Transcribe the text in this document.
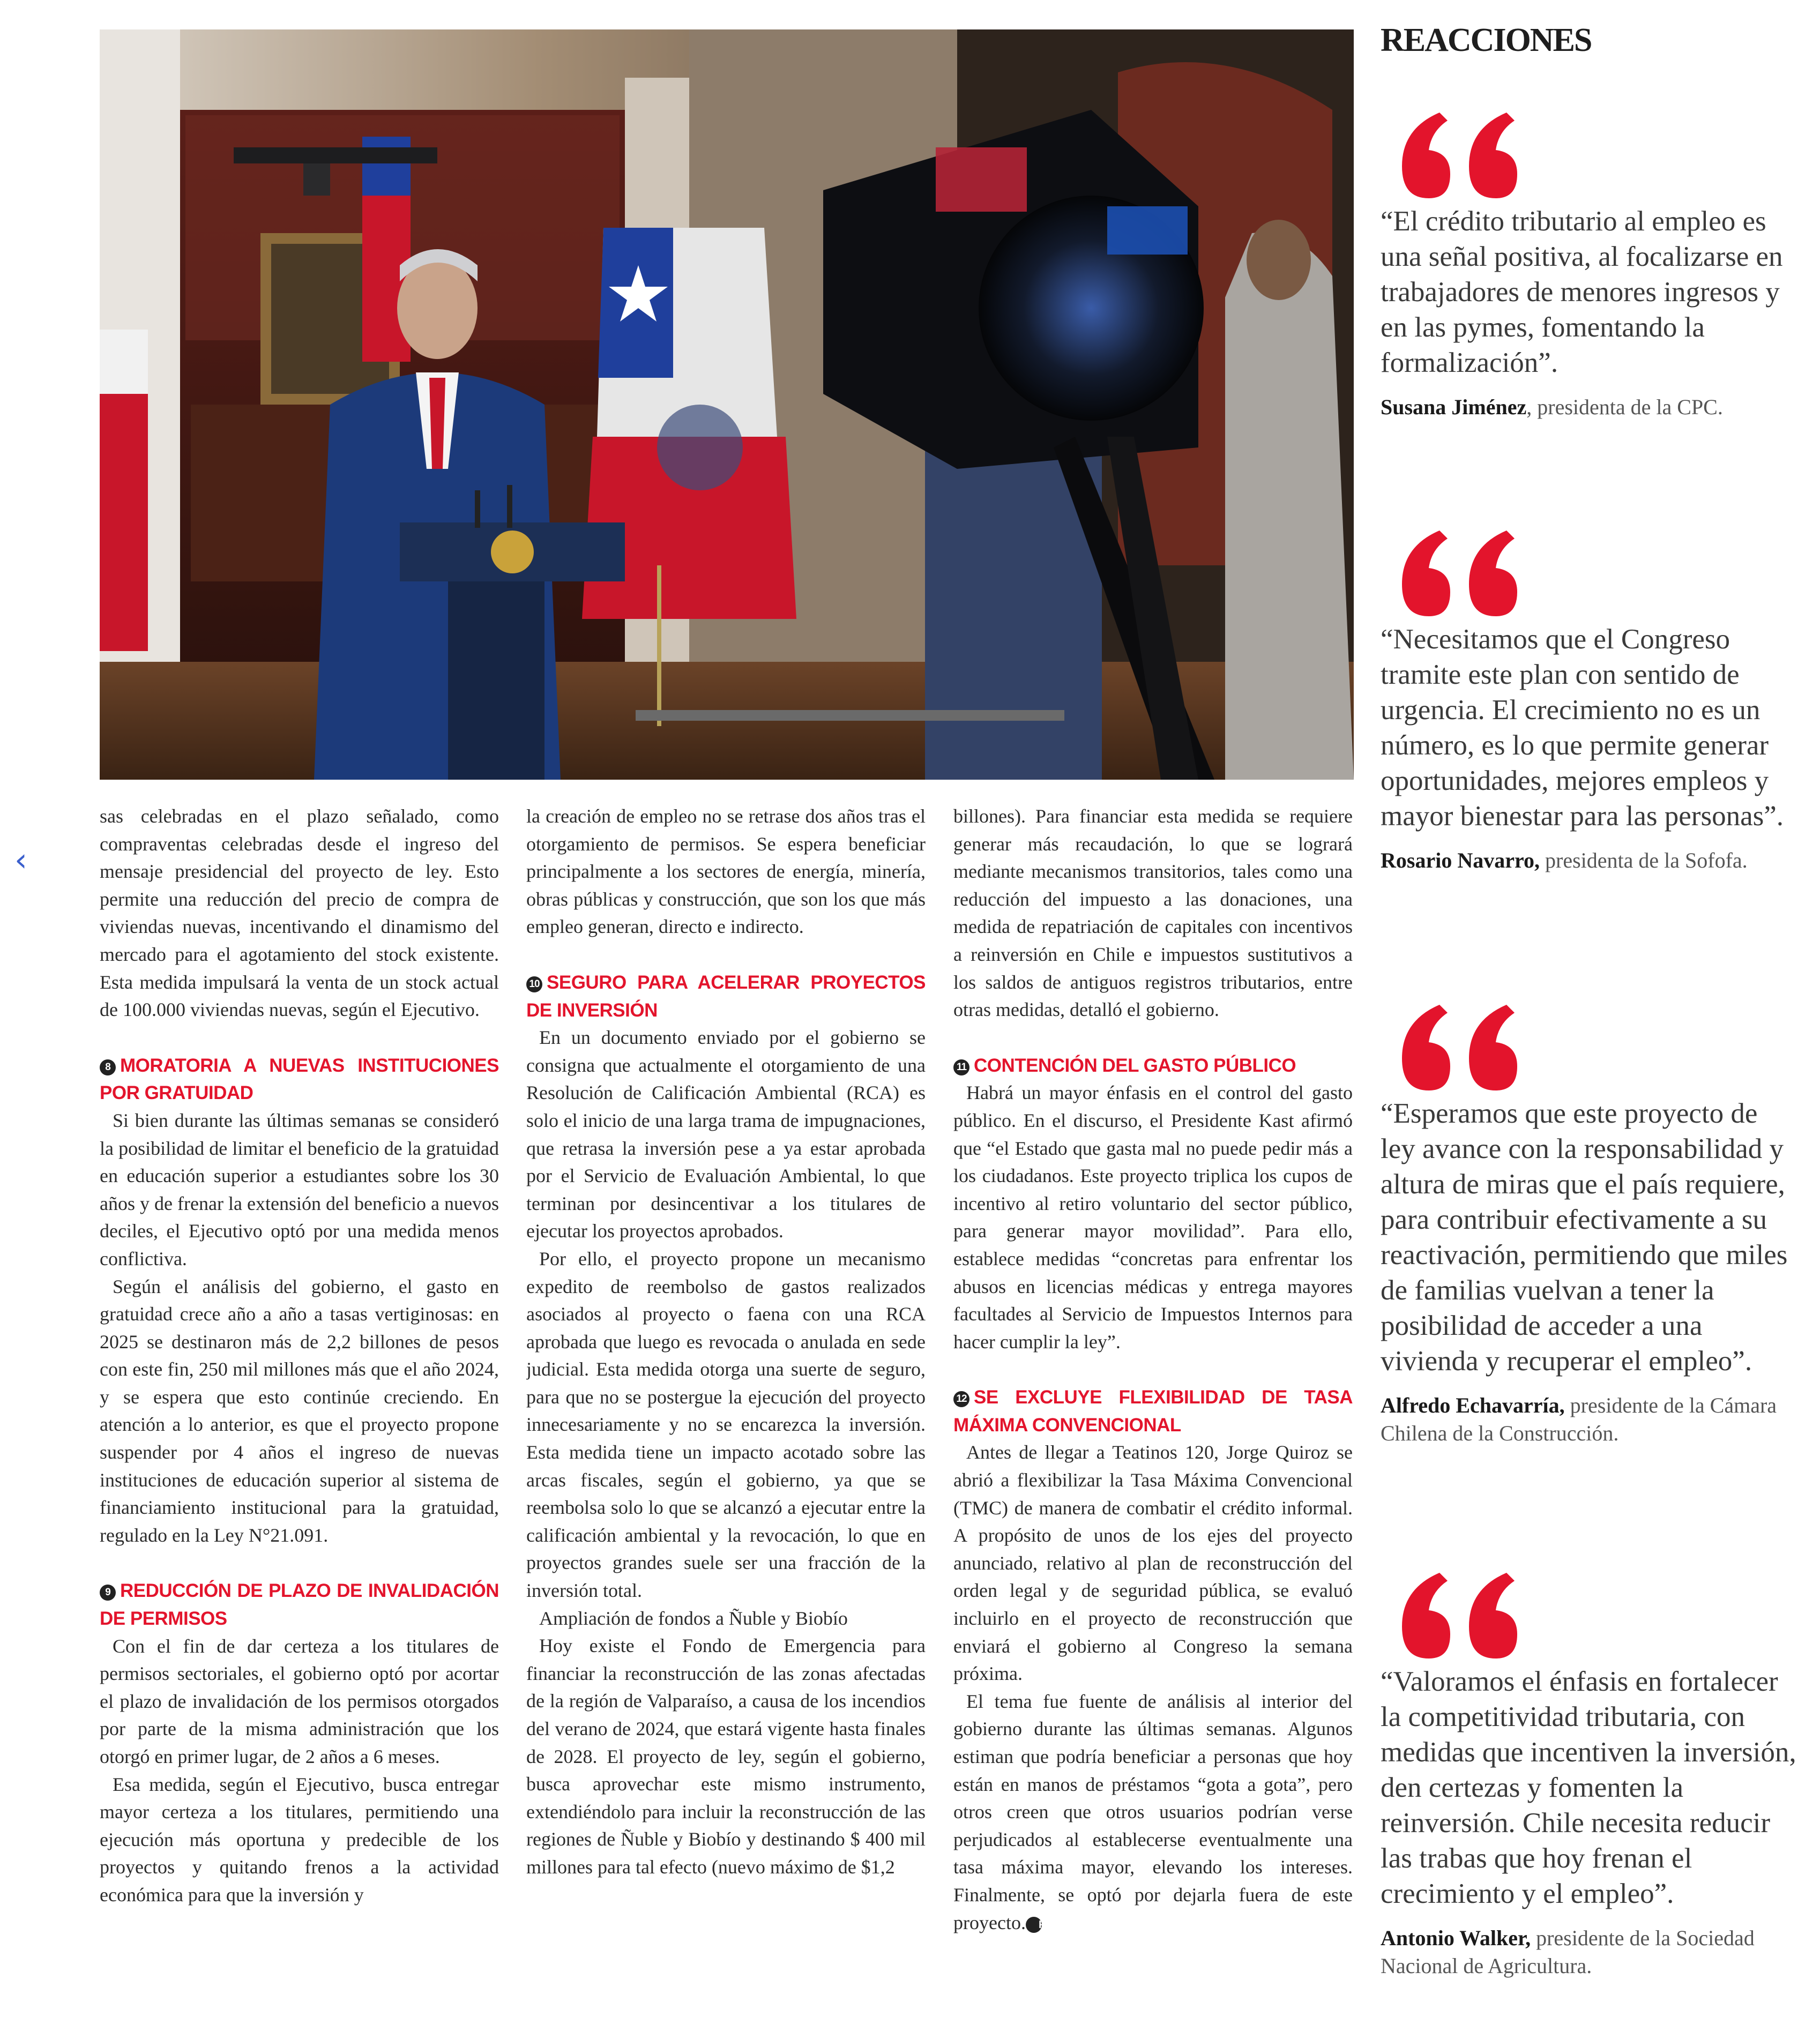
‹

sas celebradas en el plazo señalado, como compraventas celebradas desde el ingreso del mensaje presidencial del proyecto de ley. Esto permite una reducción del precio de compra de viviendas nuevas, incentivando el dinamismo del mercado para el agotamiento del stock existente. Esta medida impulsará la venta de un stock actual de 100.000 viviendas nuevas, según el Ejecutivo.

8 MORATORIA A NUEVAS INSTITUCIONES POR GRATUIDAD

Si bien durante las últimas semanas se consideró la posibilidad de limitar el beneficio de la gratuidad en educación superior a estudiantes sobre los 30 años y de frenar la extensión del beneficio a nuevos deciles, el Ejecutivo optó por una medida menos conflictiva.

Según el análisis del gobierno, el gasto en gratuidad crece año a año a tasas vertiginosas: en 2025 se destinaron más de 2,2 billones de pesos con este fin, 250 mil millones más que el año 2024, y se espera que esto continúe creciendo. En atención a lo anterior, es que el proyecto propone suspender por 4 años el ingreso de nuevas instituciones de educación superior al sistema de financiamiento institucional para la gratuidad, regulado en la Ley N°21.091.

9 REDUCCIÓN DE PLAZO DE INVALIDACIÓN DE PERMISOS

Con el fin de dar certeza a los titulares de permisos sectoriales, el gobierno optó por acortar el plazo de invalidación de los permisos otorgados por parte de la misma administración que los otorgó en primer lugar, de 2 años a 6 meses.

Esa medida, según el Ejecutivo, busca entregar mayor certeza a los titulares, permitiendo una ejecución más oportuna y predecible de los proyectos y quitando frenos a la actividad económica para que la inversión y

la creación de empleo no se retrase dos años tras el otorgamiento de permisos. Se espera beneficiar principalmente a los sectores de energía, minería, obras públicas y construcción, que son los que más empleo generan, directo e indirecto.

10 SEGURO PARA ACELERAR PROYECTOS DE INVERSIÓN

En un documento enviado por el gobierno se consigna que actualmente el otorgamiento de una Resolución de Calificación Ambiental (RCA) es solo el inicio de una larga trama de impugnaciones, que retrasa la inversión pese a ya estar aprobada por el Servicio de Evaluación Ambiental, lo que terminan por desincentivar a los titulares de ejecutar los proyectos aprobados.

Por ello, el proyecto propone un mecanismo expedito de reembolso de gastos realizados asociados al proyecto o faena con una RCA aprobada que luego es revocada o anulada en sede judicial. Esta medida otorga una suerte de seguro, para que no se postergue la ejecución del proyecto innecesariamente y no se encarezca la inversión. Esta medida tiene un impacto acotado sobre las arcas fiscales, según el gobierno, ya que se reembolsa solo lo que se alcanzó a ejecutar entre la calificación ambiental y la revocación, lo que en proyectos grandes suele ser una fracción de la inversión total.

Ampliación de fondos a Ñuble y Biobío

Hoy existe el Fondo de Emergencia para financiar la reconstrucción de las zonas afectadas de la región de Valparaíso, a causa de los incendios del verano de 2024, que estará vigente hasta finales de 2028. El proyecto de ley, según el gobierno, busca aprovechar este mismo instrumento, extendiéndolo para incluir la reconstrucción de las regiones de Ñuble y Biobío y destinando $ 400 mil millones para tal efecto (nuevo máximo de $1,2

billones). Para financiar esta medida se requiere generar más recaudación, lo que se logrará mediante mecanismos transitorios, tales como una reducción del impuesto a las donaciones, una medida de repatriación de capitales con incentivos a reinversión en Chile e impuestos sustitutivos a los saldos de antiguos registros tributarios, entre otras medidas, detalló el gobierno.

11 CONTENCIÓN DEL GASTO PÚBLICO

Habrá un mayor énfasis en el control del gasto público. En el discurso, el Presidente Kast afirmó que “el Estado que gasta mal no puede pedir más a los ciudadanos. Este proyecto triplica los cupos de incentivo al retiro voluntario del sector público, para generar mayor movilidad”. Para ello, establece medidas “concretas para enfrentar los abusos en licencias médicas y entrega mayores facultades al Servicio de Impuestos Internos para hacer cumplir la ley”.

12 SE EXCLUYE FLEXIBILIDAD DE TASA MÁXIMA CONVENCIONAL

Antes de llegar a Teatinos 120, Jorge Quiroz se abrió a flexibilizar la Tasa Máxima Convencional (TMC) de manera de combatir el crédito informal. A propósito de unos de los ejes del proyecto anunciado, relativo al plan de reconstrucción del orden legal y de seguridad pública, se evaluó incluirlo en el proyecto de reconstrucción que enviará el gobierno al Congreso la semana próxima.

El tema fue fuente de análisis al interior del gobierno durante las últimas semanas. Algunos estiman que podría beneficiar a personas que hoy están en manos de préstamos “gota a gota”, pero otros creen que otros usuarios podrían verse perjudicados al establecerse eventualmente una tasa máxima mayor, elevando los intereses. Finalmente, se optó por dejarla fuera de este proyecto. P

REACCIONES

“El crédito tributario al empleo es una señal positiva, al focalizarse en trabajadores de menores ingresos y en las pymes, fomentando la formalización”.

Susana Jiménez, presidenta de la CPC.

“Necesitamos que el Congreso tramite este plan con sentido de urgencia. El crecimiento no es un número, es lo que permite generar oportunidades, mejores empleos y mayor bienestar para las personas”.

Rosario Navarro, presidenta de la Sofofa.

“Esperamos que este proyecto de ley avance con la responsabilidad y altura de miras que el país requiere, para contribuir efectivamente a su reactivación, permitiendo que miles de familias vuelvan a tener la posibilidad de acceder a una vivienda y recuperar el empleo”.

Alfredo Echavarría, presidente de la Cámara Chilena de la Construcción.

“Valoramos el énfasis en fortalecer la competitividad tributaria, con medidas que incentiven la inversión, den certezas y fomenten la reinversión. Chile necesita reducir las trabas que hoy frenan el crecimiento y el empleo”.

Antonio Walker, presidente de la Sociedad Nacional de Agricultura.
